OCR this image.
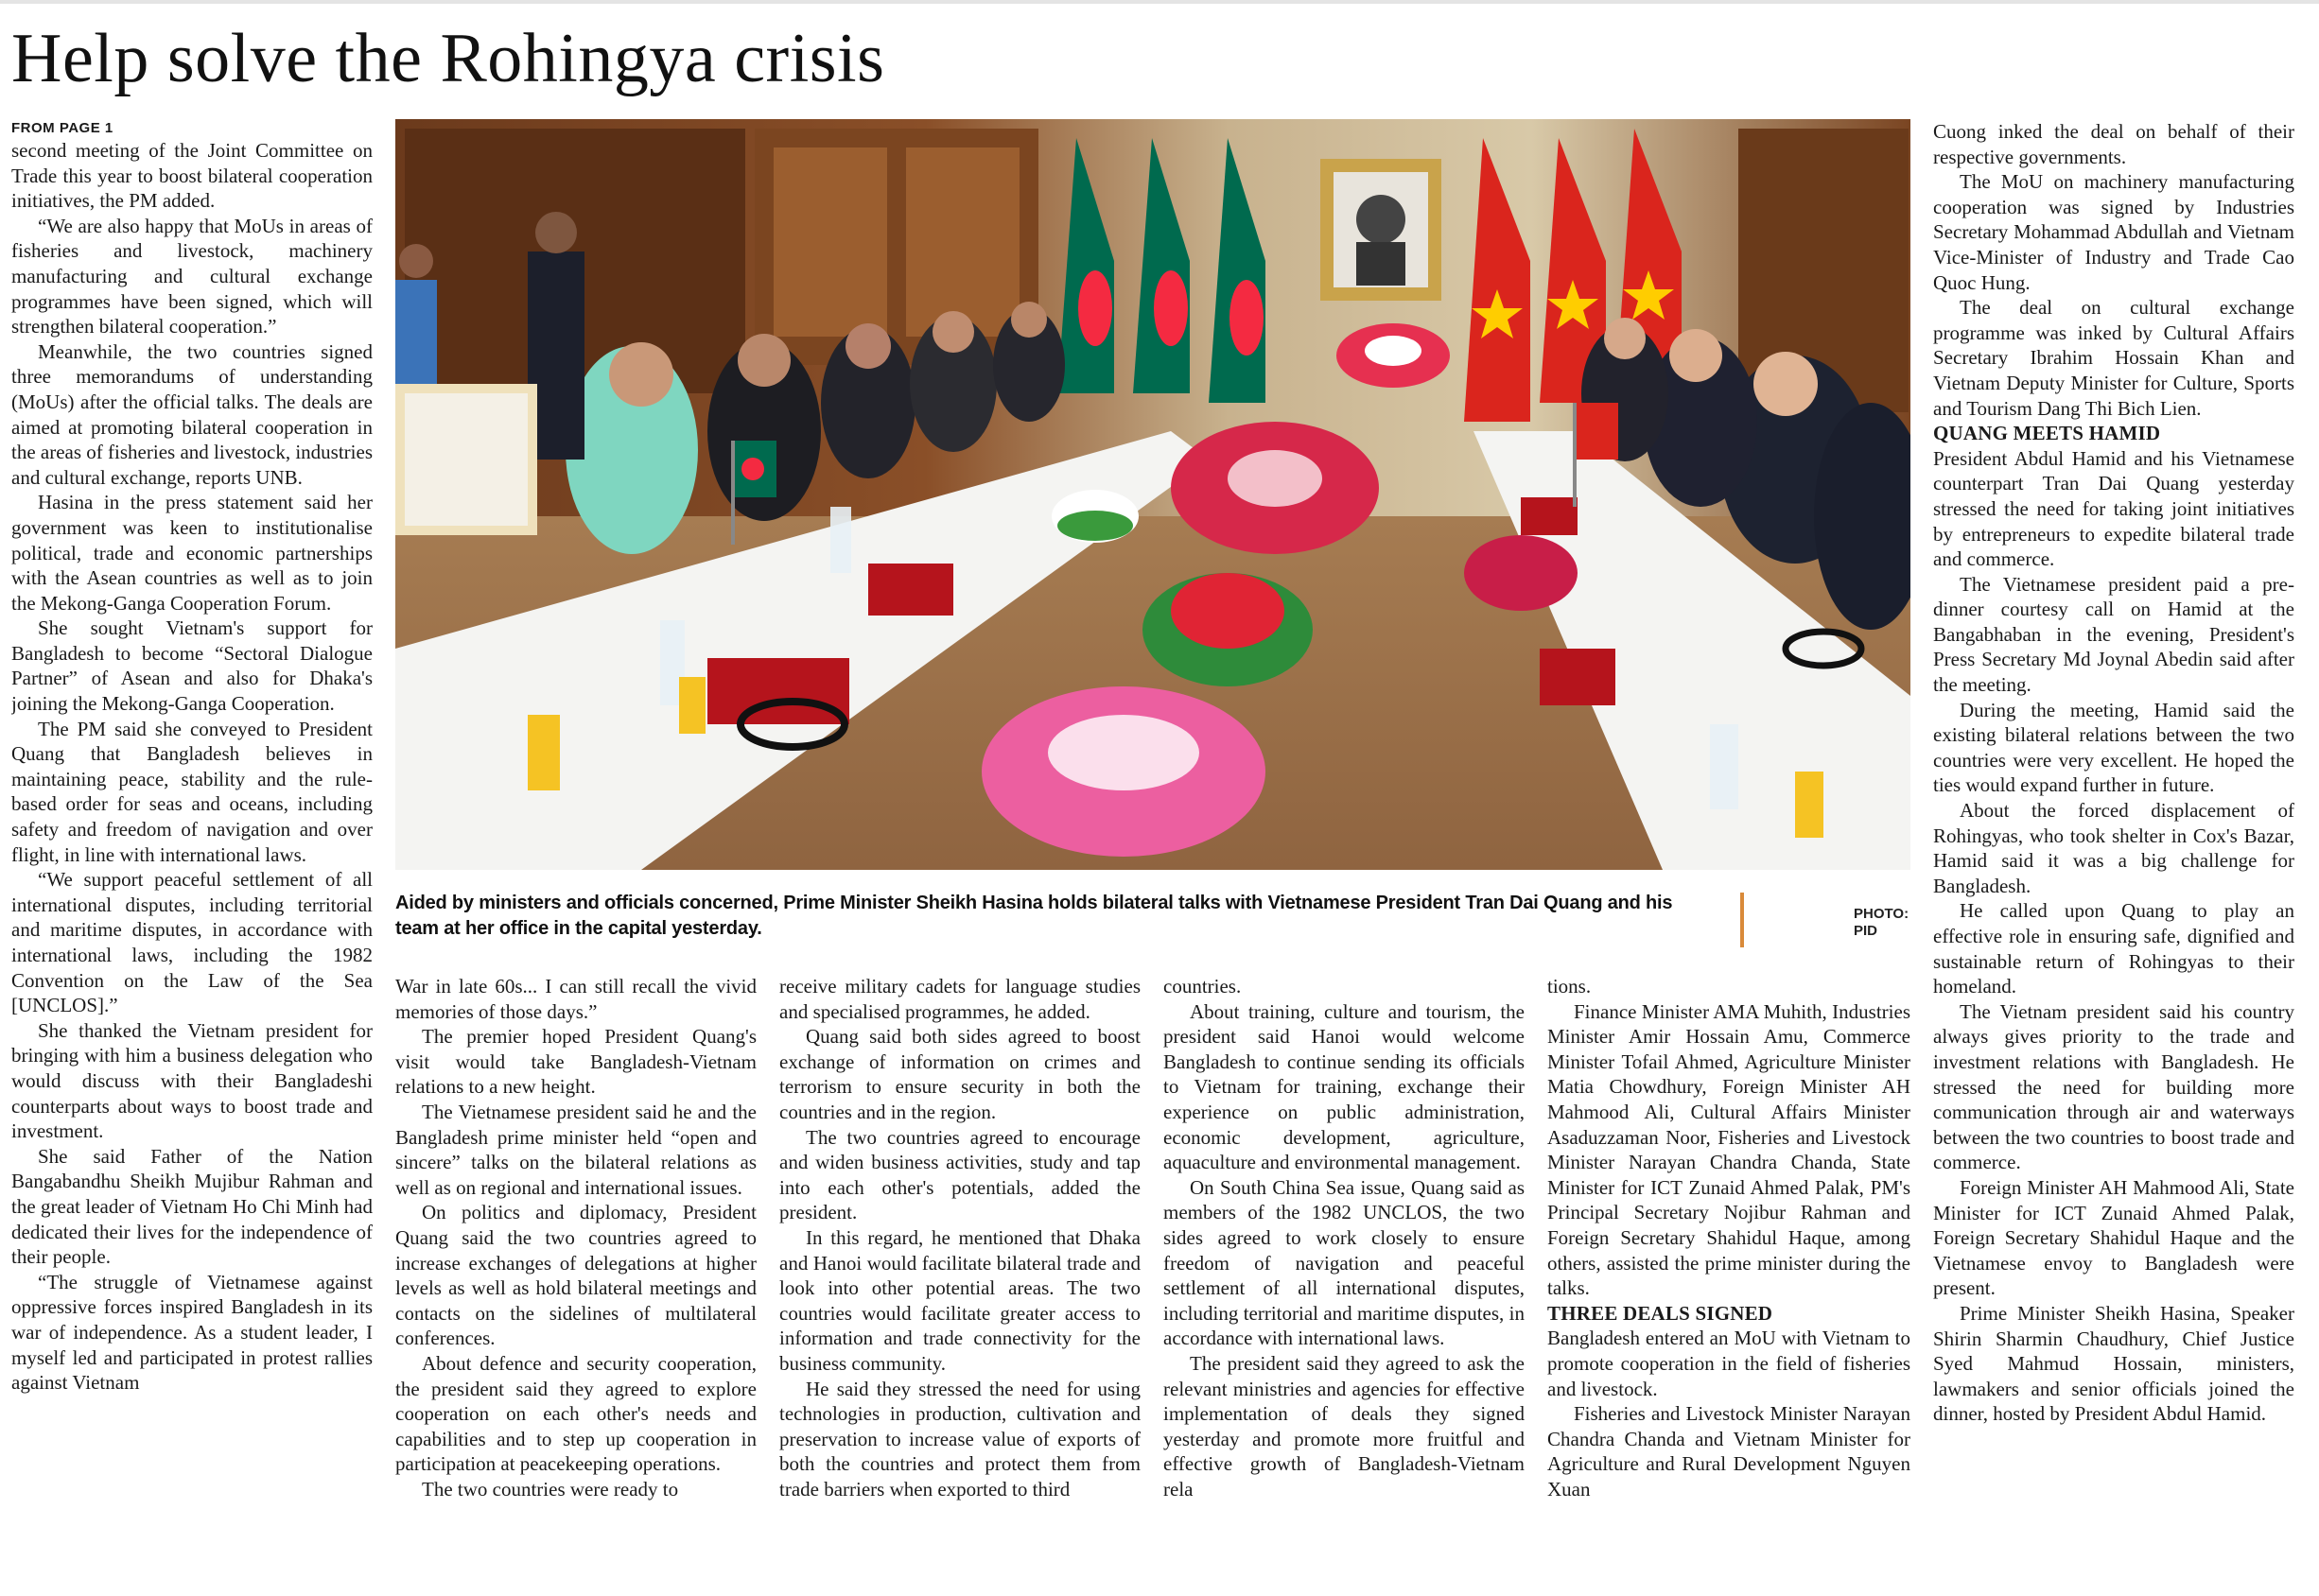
Help solve the Rohingya crisis
FROM PAGE 1

second meeting of the Joint Committee on Trade this year to boost bilateral cooperation initiatives, the PM added.

“We are also happy that MoUs in areas of fisheries and livestock, machinery manufacturing and cultural exchange programmes have been signed, which will strengthen bilateral cooperation.”

Meanwhile, the two countries signed three memorandums of understanding (MoUs) after the official talks. The deals are aimed at promoting bilateral cooperation in the areas of fisheries and livestock, industries and cultural exchange, reports UNB.

Hasina in the press statement said her government was keen to institutionalise political, trade and economic partnerships with the Asean countries as well as to join the Mekong-Ganga Cooperation Forum.

She sought Vietnam's support for Bangladesh to become “Sectoral Dialogue Partner” of Asean and also for Dhaka's joining the Mekong-Ganga Cooperation.

The PM said she conveyed to President Quang that Bangladesh believes in maintaining peace, stability and the rule-based order for seas and oceans, including safety and freedom of navigation and over flight, in line with international laws.

“We support peaceful settlement of all international disputes, including territorial and maritime disputes, in accordance with international laws, including the 1982 Convention on the Law of the Sea [UNCLOS].”

She thanked the Vietnam president for bringing with him a business delegation who would discuss with their Bangladeshi counterparts about ways to boost trade and investment.

She said Father of the Nation Bangabandhu Sheikh Mujibur Rahman and the great leader of Vietnam Ho Chi Minh had dedicated their lives for the independence of their people.

“The struggle of Vietnamese against oppressive forces inspired Bangladesh in its war of independence. As a student leader, I myself led and participated in protest rallies against Vietnam

Aided by ministers and officials concerned, Prime Minister Sheikh Hasina holds bilateral talks with Vietnamese President Tran Dai Quang and his team at her office in the capital yesterday.
PHOTO:
PID

War in late 60s... I can still recall the vivid memories of those days.”

The premier hoped President Quang's visit would take Bangladesh-Vietnam relations to a new height.

The Vietnamese president said he and the Bangladesh prime minister held “open and sincere” talks on the bilateral relations as well as on regional and international issues.

On politics and diplomacy, President Quang said the two countries agreed to increase exchanges of delegations at higher levels as well as hold bilateral meetings and contacts on the sidelines of multilateral conferences.

About defence and security cooperation, the president said they agreed to explore cooperation on each other's needs and capabilities and to step up cooperation in participation at peacekeeping operations.

The two countries were ready to

receive military cadets for language studies and specialised programmes, he added.

Quang said both sides agreed to boost exchange of information on crimes and terrorism to ensure security in both the countries and in the region.

The two countries agreed to encourage and widen business activities, study and tap into each other's potentials, added the president.

In this regard, he mentioned that Dhaka and Hanoi would facilitate bilateral trade and look into other potential areas. The two countries would facilitate greater access to information and trade connectivity for the business community.

He said they stressed the need for using technologies in production, cultivation and preservation to increase value of exports of both the countries and protect them from trade barriers when exported to third

countries.

About training, culture and tourism, the president said Hanoi would welcome Bangladesh to continue sending its officials to Vietnam for training, exchange their experience on public administration, economic development, agriculture, aquaculture and environmental management.

On South China Sea issue, Quang said as members of the 1982 UNCLOS, the two sides agreed to work closely to ensure freedom of navigation and peaceful settlement of all international disputes, including territorial and maritime disputes, in accordance with international laws.

The president said they agreed to ask the relevant ministries and agencies for effective implementation of deals they signed yesterday and promote more fruitful and effective growth of Bangladesh-Vietnam rela

tions.

Finance Minister AMA Muhith, Industries Minister Amir Hossain Amu, Commerce Minister Tofail Ahmed, Agriculture Minister Matia Chowdhury, Foreign Minister AH Mahmood Ali, Cultural Affairs Minister Asaduzzaman Noor, Fisheries and Livestock Minister Narayan Chandra Chanda, State Minister for ICT Zunaid Ahmed Palak, PM's Principal Secretary Nojibur Rahman and Foreign Secretary Shahidul Haque, among others, assisted the prime minister during the talks.

THREE DEALS SIGNED

Bangladesh entered an MoU with Vietnam to promote cooperation in the field of fisheries and livestock.

Fisheries and Livestock Minister Narayan Chandra Chanda and Vietnam Minister for Agriculture and Rural Development Nguyen Xuan

Cuong inked the deal on behalf of their respective governments.

The MoU on machinery manufacturing cooperation was signed by Industries Secretary Mohammad Abdullah and Vietnam Vice-Minister of Industry and Trade Cao Quoc Hung.

The deal on cultural exchange programme was inked by Cultural Affairs Secretary Ibrahim Hossain Khan and Vietnam Deputy Minister for Culture, Sports and Tourism Dang Thi Bich Lien.

QUANG MEETS HAMID

President Abdul Hamid and his Vietnamese counterpart Tran Dai Quang yesterday stressed the need for taking joint initiatives by entrepreneurs to expedite bilateral trade and commerce.

The Vietnamese president paid a pre-dinner courtesy call on Hamid at the Bangabhaban in the evening, President's Press Secretary Md Joynal Abedin said after the meeting.

During the meeting, Hamid said the existing bilateral relations between the two countries were very excellent. He hoped the ties would expand further in future.

About the forced displacement of Rohingyas, who took shelter in Cox's Bazar, Hamid said it was a big challenge for Bangladesh.

He called upon Quang to play an effective role in ensuring safe, dignified and sustainable return of Rohingyas to their homeland.

The Vietnam president said his country always gives priority to the trade and investment relations with Bangladesh. He stressed the need for building more communication through air and waterways between the two countries to boost trade and commerce.

Foreign Minister AH Mahmood Ali, State Minister for ICT Zunaid Ahmed Palak, Foreign Secretary Shahidul Haque and the Vietnamese envoy to Bangladesh were present.

Prime Minister Sheikh Hasina, Speaker Shirin Sharmin Chaudhury, Chief Justice Syed Mahmud Hossain, ministers, lawmakers and senior officials joined the dinner, hosted by President Abdul Hamid.
